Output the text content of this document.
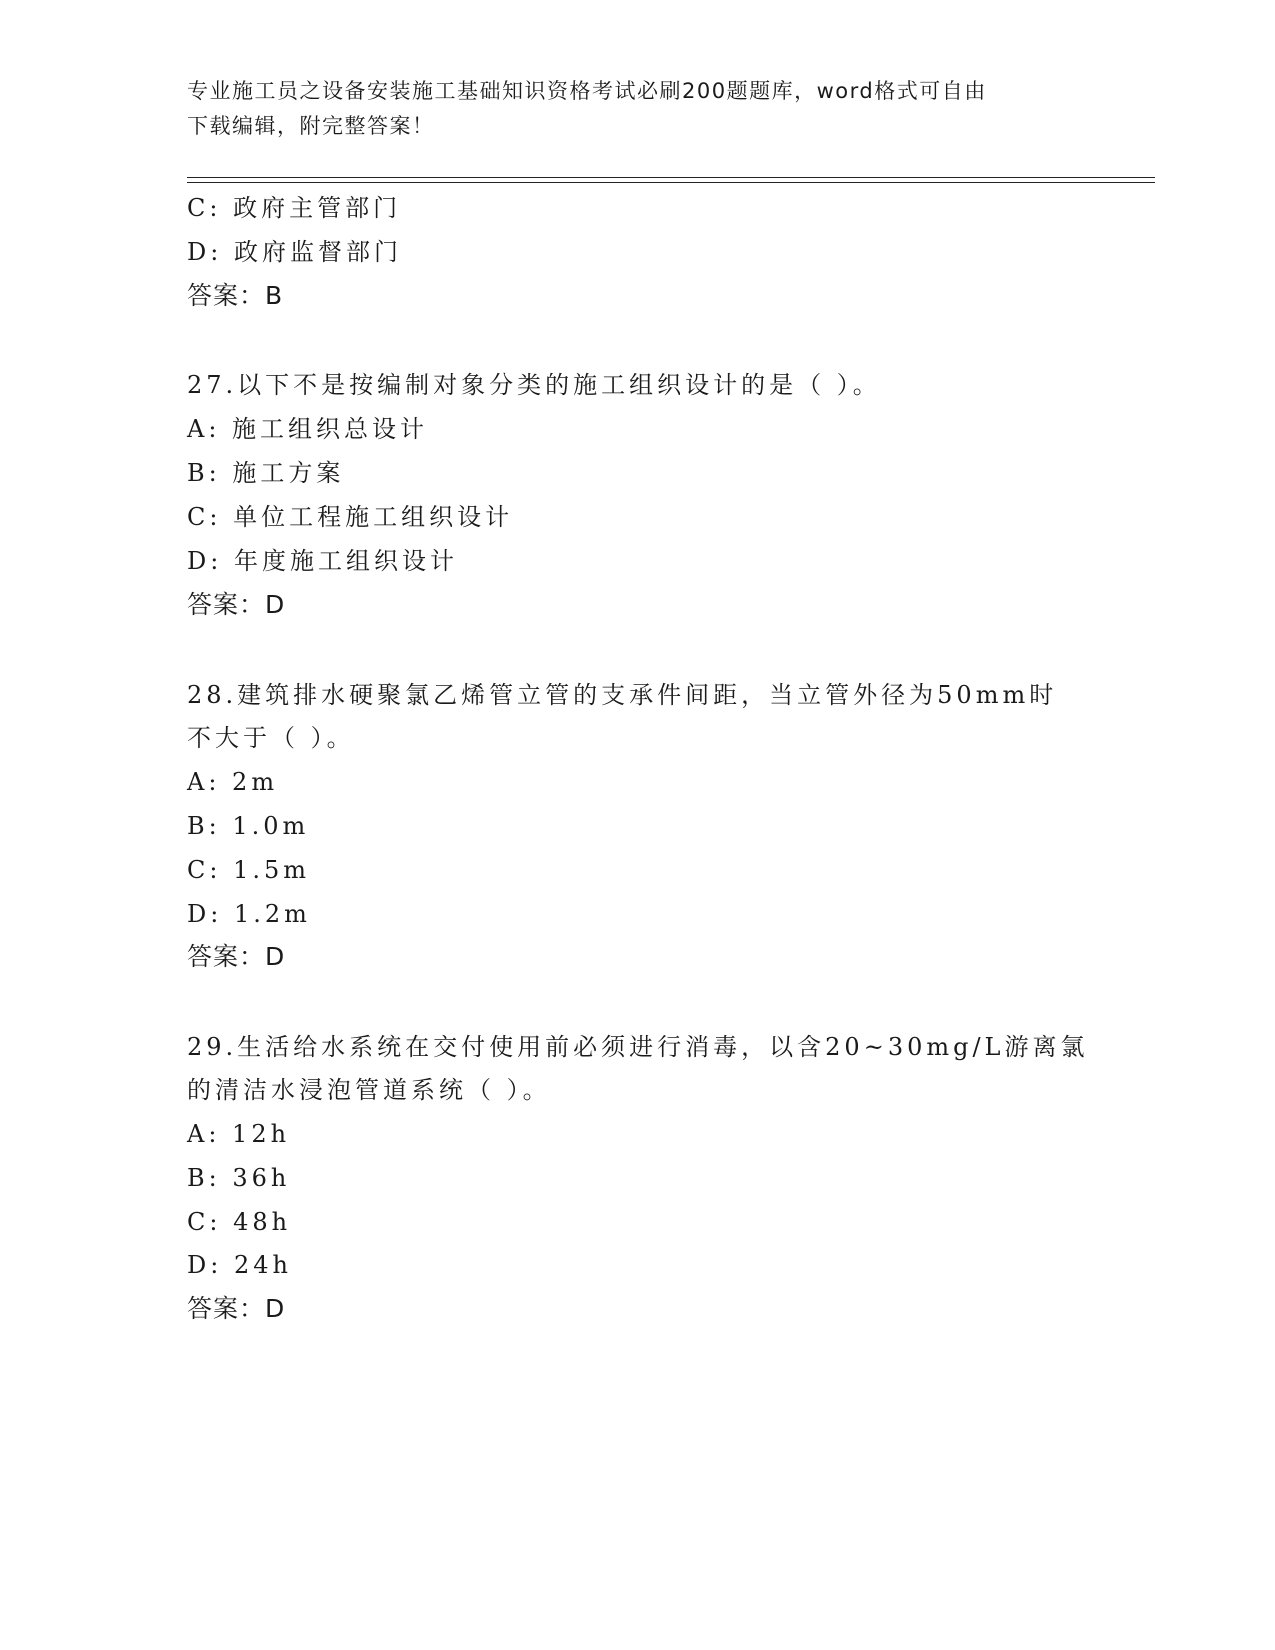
专业施工员之设备安装施工基础知识资格考试必刷200题题库，word格式可自由
下载编辑，附完整答案！
C: 政府主管部门
D: 政府监督部门
答案：B
27.以下不是按编制对象分类的施工组织设计的是（ ）。
A: 施工组织总设计
B: 施工方案
C: 单位工程施工组织设计
D: 年度施工组织设计
答案：D
28.建筑排水硬聚氯乙烯管立管的支承件间距，当立管外径为50mm时
不大于（ ）。
A: 2m
B: 1.0m
C: 1.5m
D: 1.2m
答案：D
29.生活给水系统在交付使用前必须进行消毒，以含20~30mg/L游离氯
的清洁水浸泡管道系统（ ）。
A: 12h
B: 36h
C: 48h
D: 24h
答案：D
